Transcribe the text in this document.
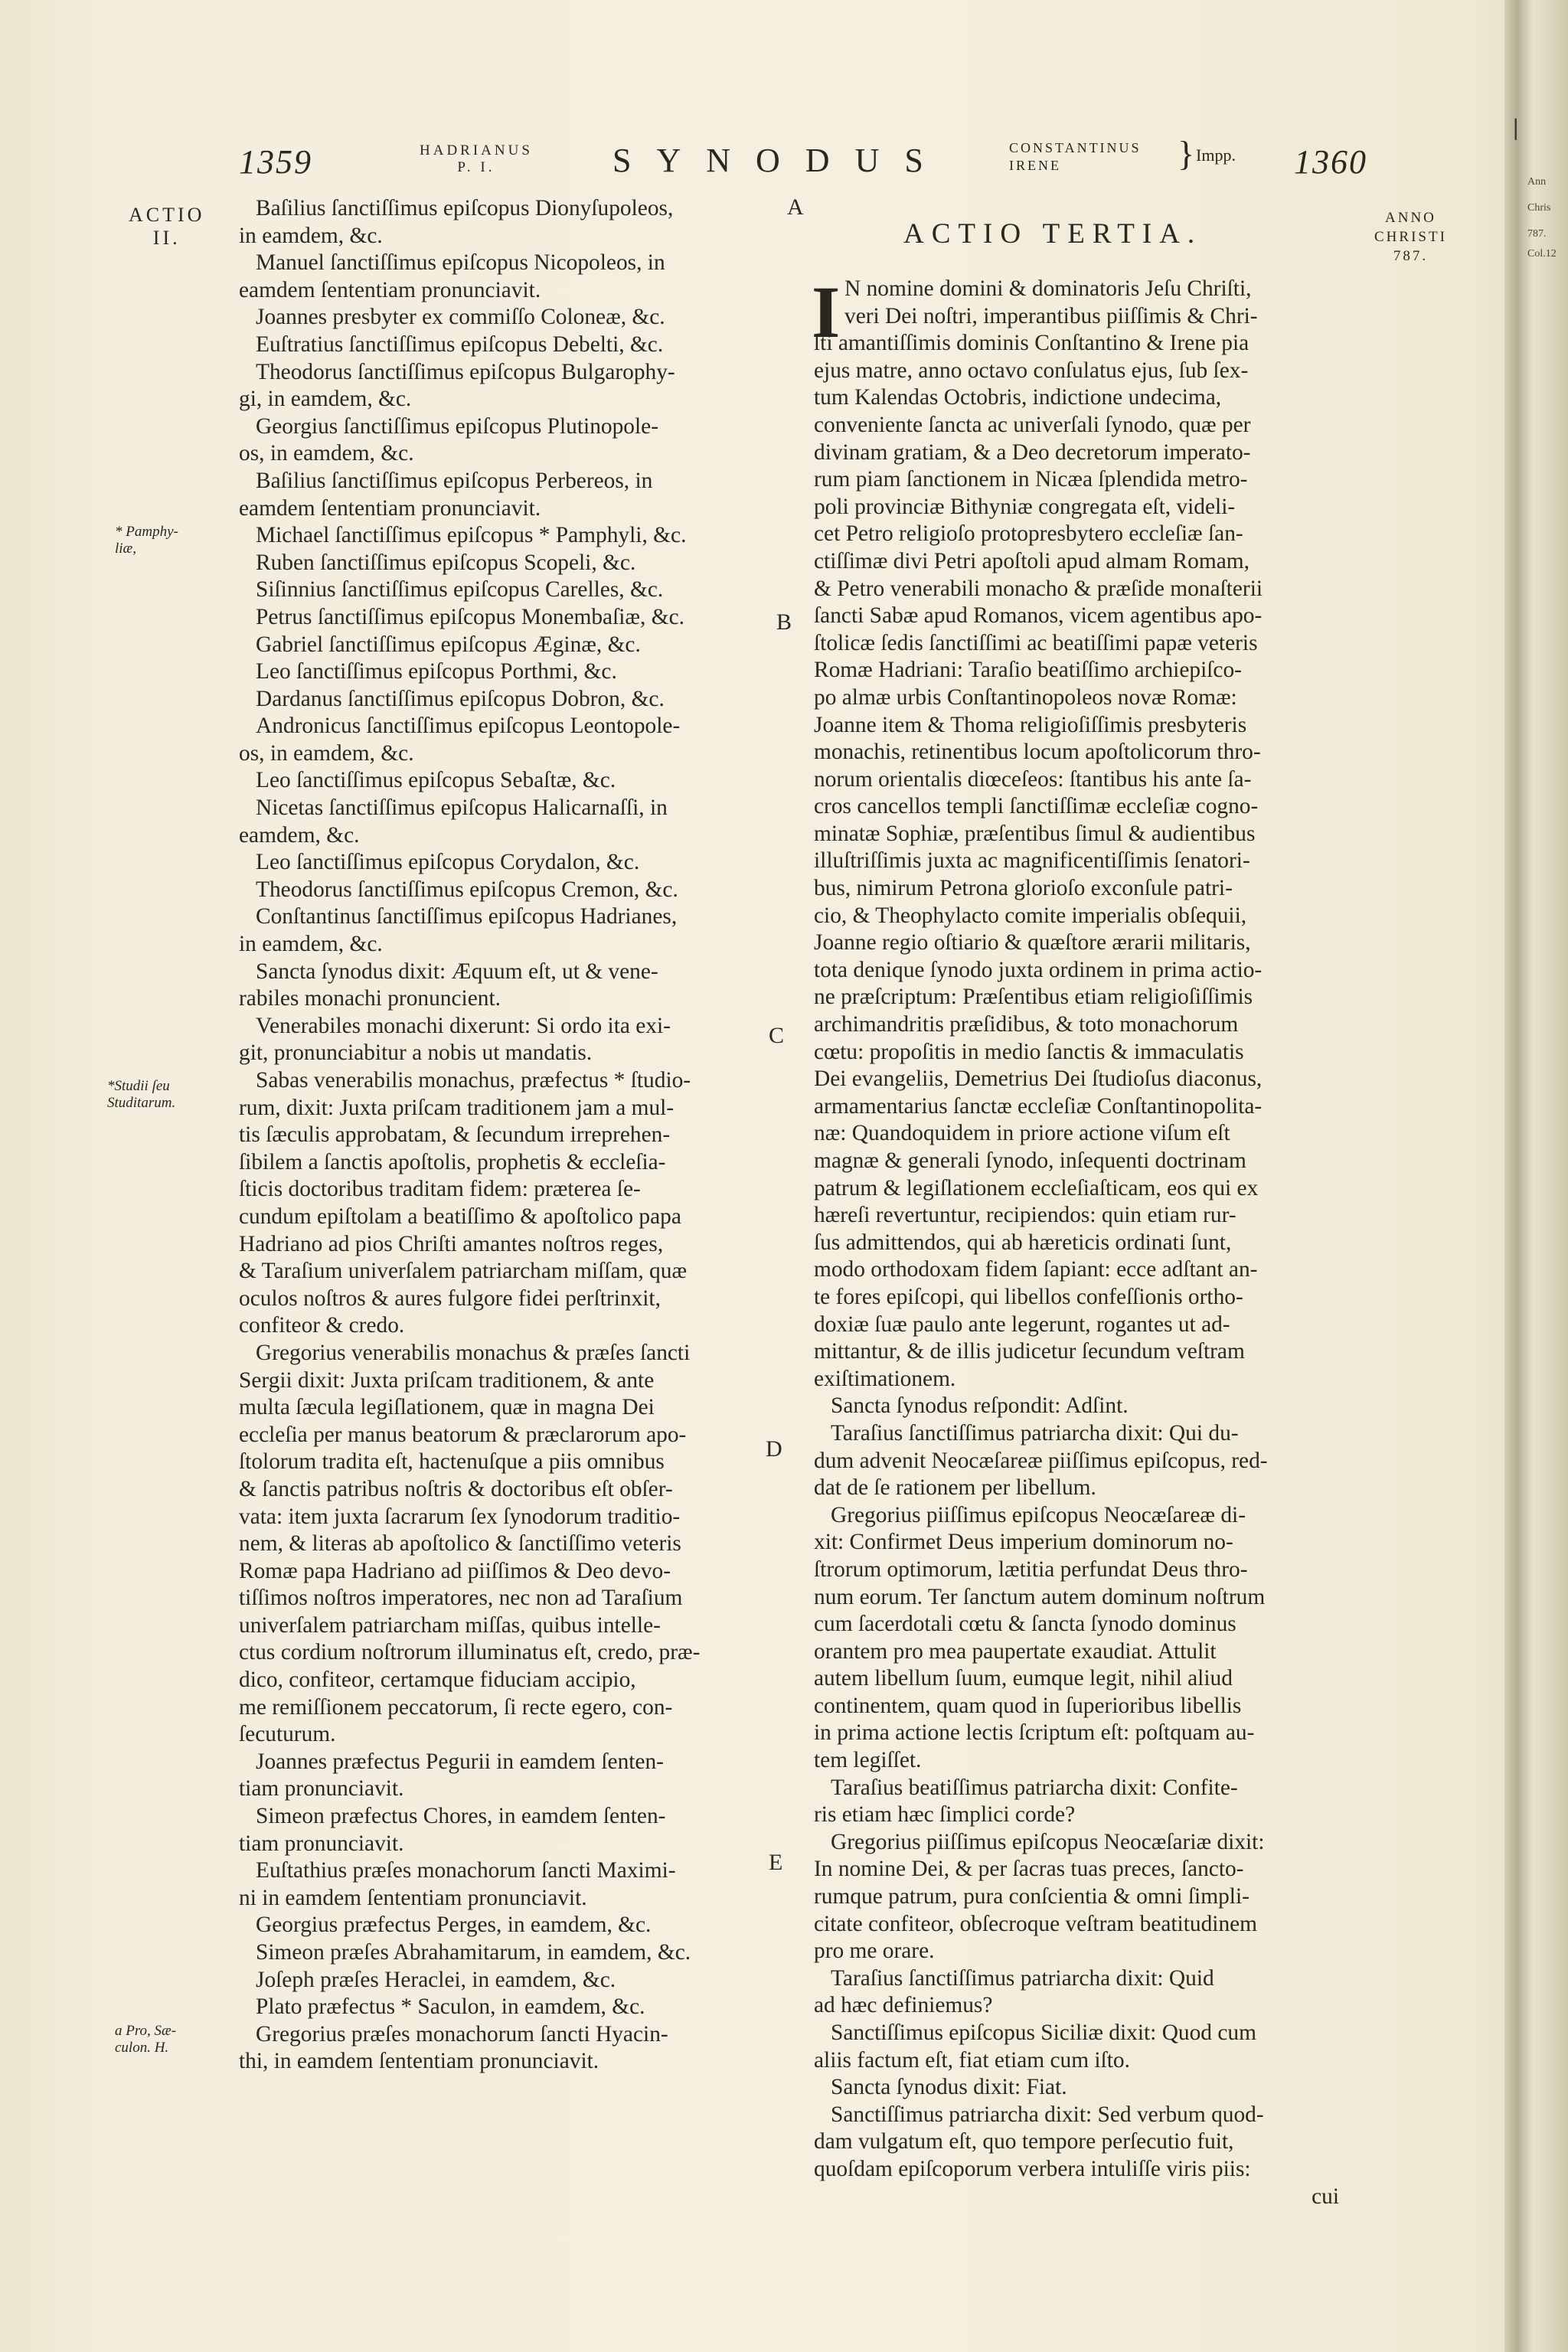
❘
Ann
Chris
787.
Col.12
1359	HADRIANUS
P. I.	SYNODUS	CONSTANTINUS
IRENE	} Impp. 1360
ACTIO
II.
* Pamphy-
liæ,
*Studii ſeu
Studitarum.
a Pro, Sæ-
culon. H.
ANNO
CHRISTI
787.
A
B
C
D
E
Baſilius ſanctiſſimus epiſcopus Dionyſupoleos,
in eamdem, &c.
Manuel ſanctiſſimus epiſcopus Nicopoleos, in
eamdem ſententiam pronunciavit.
Joannes presbyter ex commiſſo Coloneæ, &c.
Euſtratius ſanctiſſimus epiſcopus Debelti, &c.
Theodorus ſanctiſſimus epiſcopus Bulgarophy-
gi, in eamdem, &c.
Georgius ſanctiſſimus epiſcopus Plutinopole-
os, in eamdem, &c.
Baſilius ſanctiſſimus epiſcopus Perbereos, in
eamdem ſententiam pronunciavit.
Michael ſanctiſſimus epiſcopus * Pamphyli, &c.
Ruben ſanctiſſimus epiſcopus Scopeli, &c.
Siſinnius ſanctiſſimus epiſcopus Carelles, &c.
Petrus ſanctiſſimus epiſcopus Monembaſiæ, &c.
Gabriel ſanctiſſimus epiſcopus Æginæ, &c.
Leo ſanctiſſimus epiſcopus Porthmi, &c.
Dardanus ſanctiſſimus epiſcopus Dobron, &c.
Andronicus ſanctiſſimus epiſcopus Leontopole-
os, in eamdem, &c.
Leo ſanctiſſimus epiſcopus Sebaſtæ, &c.
Nicetas ſanctiſſimus epiſcopus Halicarnaſſi, in
eamdem, &c.
Leo ſanctiſſimus epiſcopus Corydalon, &c.
Theodorus ſanctiſſimus epiſcopus Cremon, &c.
Conſtantinus ſanctiſſimus epiſcopus Hadrianes,
in eamdem, &c.
Sancta ſynodus dixit: Æquum eſt, ut & vene-
rabiles monachi pronuncient.
Venerabiles monachi dixerunt: Si ordo ita exi-
git, pronunciabitur a nobis ut mandatis.
Sabas venerabilis monachus, præfectus * ſtudio-
rum, dixit: Juxta priſcam traditionem jam a mul-
tis ſæculis approbatam, & ſecundum irreprehen-
ſibilem a ſanctis apoſtolis, prophetis & eccleſia-
ſticis doctoribus traditam fidem: præterea ſe-
cundum epiſtolam a beatiſſimo & apoſtolico papa
Hadriano ad pios Chriſti amantes noſtros reges,
& Taraſium univerſalem patriarcham miſſam, quæ
oculos noſtros & aures fulgore fidei perſtrinxit,
confiteor & credo.
Gregorius venerabilis monachus & præſes ſancti
Sergii dixit: Juxta priſcam traditionem, & ante
multa ſæcula legiſlationem, quæ in magna Dei
eccleſia per manus beatorum & præclarorum apo-
ſtolorum tradita eſt, hactenuſque a piis omnibus
& ſanctis patribus noſtris & doctoribus eſt obſer-
vata: item juxta ſacrarum ſex ſynodorum traditio-
nem, & literas ab apoſtolico & ſanctiſſimo veteris
Romæ papa Hadriano ad piiſſimos & Deo devo-
tiſſimos noſtros imperatores, nec non ad Taraſium
univerſalem patriarcham miſſas, quibus intelle-
ctus cordium noſtrorum illuminatus eſt, credo, præ-
dico, confiteor, certamque fiduciam accipio,
me remiſſionem peccatorum, ſi recte egero, con-
ſecuturum.
Joannes præfectus Pegurii in eamdem ſenten-
tiam pronunciavit.
Simeon præfectus Chores, in eamdem ſenten-
tiam pronunciavit.
Euſtathius præſes monachorum ſancti Maximi-
ni in eamdem ſententiam pronunciavit.
Georgius præfectus Perges, in eamdem, &c.
Simeon præſes Abrahamitarum, in eamdem, &c.
Joſeph præſes Heraclei, in eamdem, &c.
Plato præfectus * Saculon, in eamdem, &c.
Gregorius præſes monachorum ſancti Hyacin-
thi, in eamdem ſententiam pronunciavit.
ACTIO TERTIA.
I N nomine domini & dominatoris Jeſu Chriſti,
veri Dei noſtri, imperantibus piiſſimis & Chri-
ſti amantiſſimis dominis Conſtantino & Irene pia
ejus matre, anno octavo conſulatus ejus, ſub ſex-
tum Kalendas Octobris, indictione undecima,
conveniente ſancta ac univerſali ſynodo, quæ per
divinam gratiam, & a Deo decretorum imperato-
rum piam ſanctionem in Nicæa ſplendida metro-
poli provinciæ Bithyniæ congregata eſt, videli-
cet Petro religioſo protopresbytero eccleſiæ ſan-
ctiſſimæ divi Petri apoſtoli apud almam Romam,
& Petro venerabili monacho & præſide monaſterii
ſancti Sabæ apud Romanos, vicem agentibus apo-
ſtolicæ ſedis ſanctiſſimi ac beatiſſimi papæ veteris
Romæ Hadriani: Taraſio beatiſſimo archiepiſco-
po almæ urbis Conſtantinopoleos novæ Romæ:
Joanne item & Thoma religioſiſſimis presbyteris
monachis, retinentibus locum apoſtolicorum thro-
norum orientalis diœceſeos: ſtantibus his ante ſa-
cros cancellos templi ſanctiſſimæ eccleſiæ cogno-
minatæ Sophiæ, præſentibus ſimul & audientibus
illuſtriſſimis juxta ac magnificentiſſimis ſenatori-
bus, nimirum Petrona glorioſo exconſule patri-
cio, & Theophylacto comite imperialis obſequii,
Joanne regio oſtiario & quæſtore ærarii militaris,
tota denique ſynodo juxta ordinem in prima actio-
ne præſcriptum: Præſentibus etiam religioſiſſimis
archimandritis præſidibus, & toto monachorum
cœtu: propoſitis in medio ſanctis & immaculatis
Dei evangeliis, Demetrius Dei ſtudioſus diaconus,
armamentarius ſanctæ eccleſiæ Conſtantinopolita-
næ: Quandoquidem in priore actione viſum eſt
magnæ & generali ſynodo, inſequenti doctrinam
patrum & legiſlationem eccleſiaſticam, eos qui ex
hæreſi revertuntur, recipiendos: quin etiam rur-
ſus admittendos, qui ab hæreticis ordinati ſunt,
modo orthodoxam fidem ſapiant: ecce adſtant an-
te fores epiſcopi, qui libellos confeſſionis ortho-
doxiæ ſuæ paulo ante legerunt, rogantes ut ad-
mittantur, & de illis judicetur ſecundum veſtram
exiſtimationem.
Sancta ſynodus reſpondit: Adſint.
Taraſius ſanctiſſimus patriarcha dixit: Qui du-
dum advenit Neocæſareæ piiſſimus epiſcopus, red-
dat de ſe rationem per libellum.
Gregorius piiſſimus epiſcopus Neocæſareæ di-
xit: Confirmet Deus imperium dominorum no-
ſtrorum optimorum, lætitia perfundat Deus thro-
num eorum. Ter ſanctum autem dominum noſtrum
cum ſacerdotali cœtu & ſancta ſynodo dominus
orantem pro mea paupertate exaudiat. Attulit
autem libellum ſuum, eumque legit, nihil aliud
continentem, quam quod in ſuperioribus libellis
in prima actione lectis ſcriptum eſt: poſtquam au-
tem legiſſet.
Taraſius beatiſſimus patriarcha dixit: Confite-
ris etiam hæc ſimplici corde?
Gregorius piiſſimus epiſcopus Neocæſariæ dixit:
In nomine Dei, & per ſacras tuas preces, ſancto-
rumque patrum, pura conſcientia & omni ſimpli-
citate confiteor, obſecroque veſtram beatitudinem
pro me orare.
Taraſius ſanctiſſimus patriarcha dixit: Quid
ad hæc definiemus?
Sanctiſſimus epiſcopus Siciliæ dixit: Quod cum
aliis factum eſt, fiat etiam cum iſto.
Sancta ſynodus dixit: Fiat.
Sanctiſſimus patriarcha dixit: Sed verbum quod-
dam vulgatum eſt, quo tempore perſecutio fuit,
quoſdam epiſcoporum verbera intuliſſe viris piis:
cui
